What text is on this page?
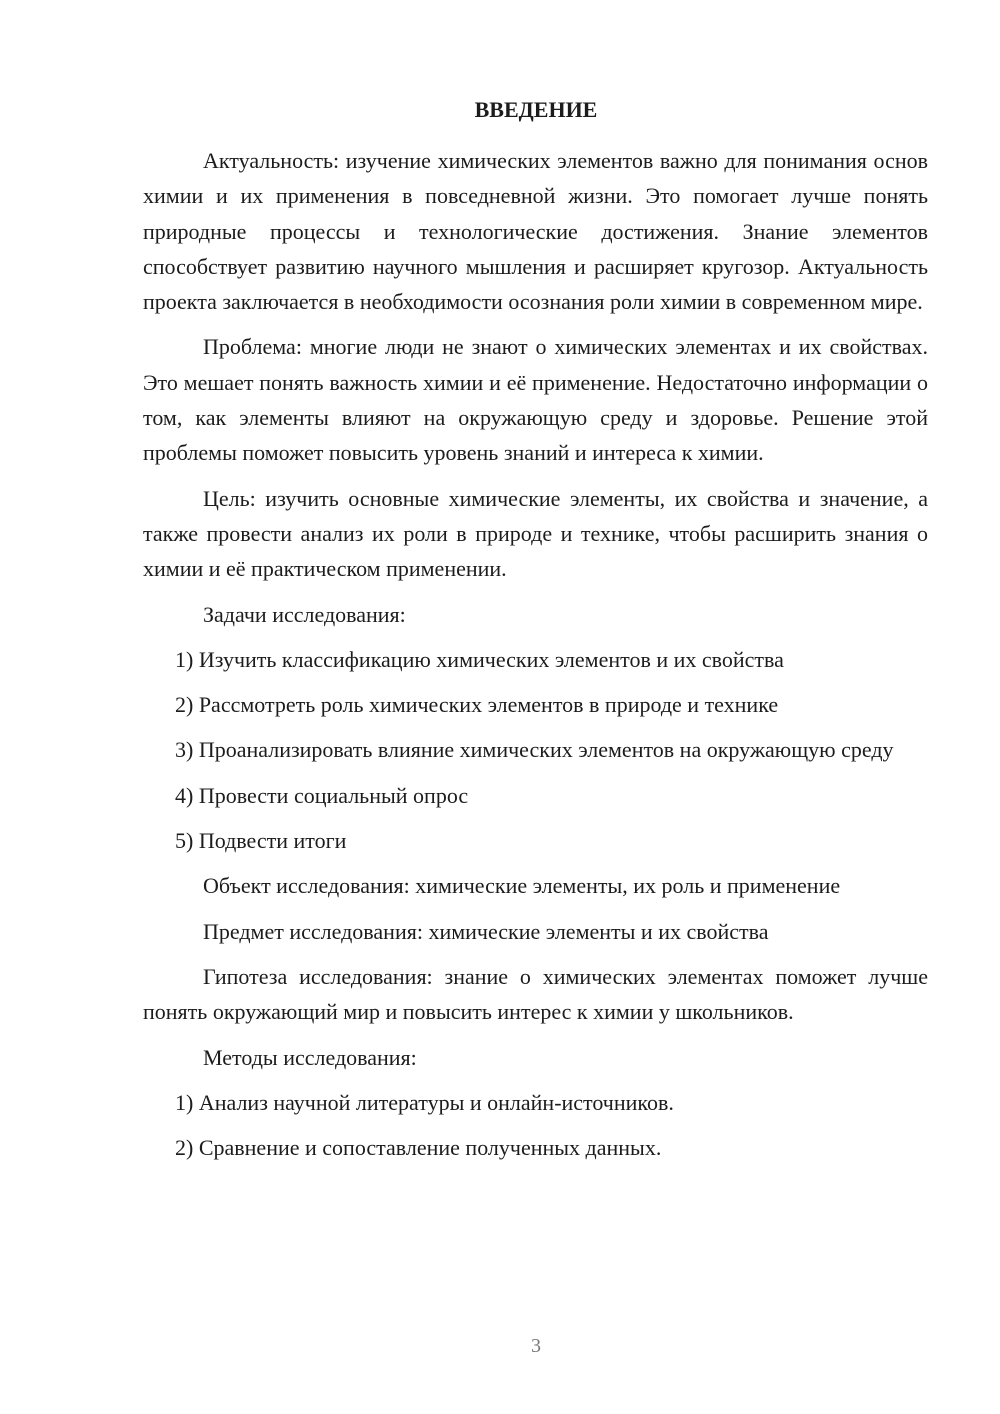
ВВЕДЕНИЕ

Актуальность: изучение химических элементов важно для понимания основ химии и их применения в повседневной жизни. Это помогает лучше понять природные процессы и технологические достижения. Знание элементов способствует развитию научного мышления и расширяет кругозор. Актуальность проекта заключается в необходимости осознания роли химии в современном мире.

Проблема: многие люди не знают о химических элементах и их свойствах. Это мешает понять важность химии и её применение. Недостаточно информации о том, как элементы влияют на окружающую среду и здоровье. Решение этой проблемы поможет повысить уровень знаний и интереса к химии.

Цель: изучить основные химические элементы, их свойства и значение, а также провести анализ их роли в природе и технике, чтобы расширить знания о химии и её практическом применении.

Задачи исследования:

1) Изучить классификацию химических элементов и их свойства

2) Рассмотреть роль химических элементов в природе и технике

3) Проанализировать влияние химических элементов на окружающую среду

4) Провести социальный опрос

5) Подвести итоги

Объект исследования: химические элементы, их роль и применение

Предмет исследования: химические элементы и их свойства

Гипотеза исследования: знание о химических элементах поможет лучше понять окружающий мир и повысить интерес к химии у школьников.

Методы исследования:

1) Анализ научной литературы и онлайн-источников.

2) Сравнение и сопоставление полученных данных.

3
